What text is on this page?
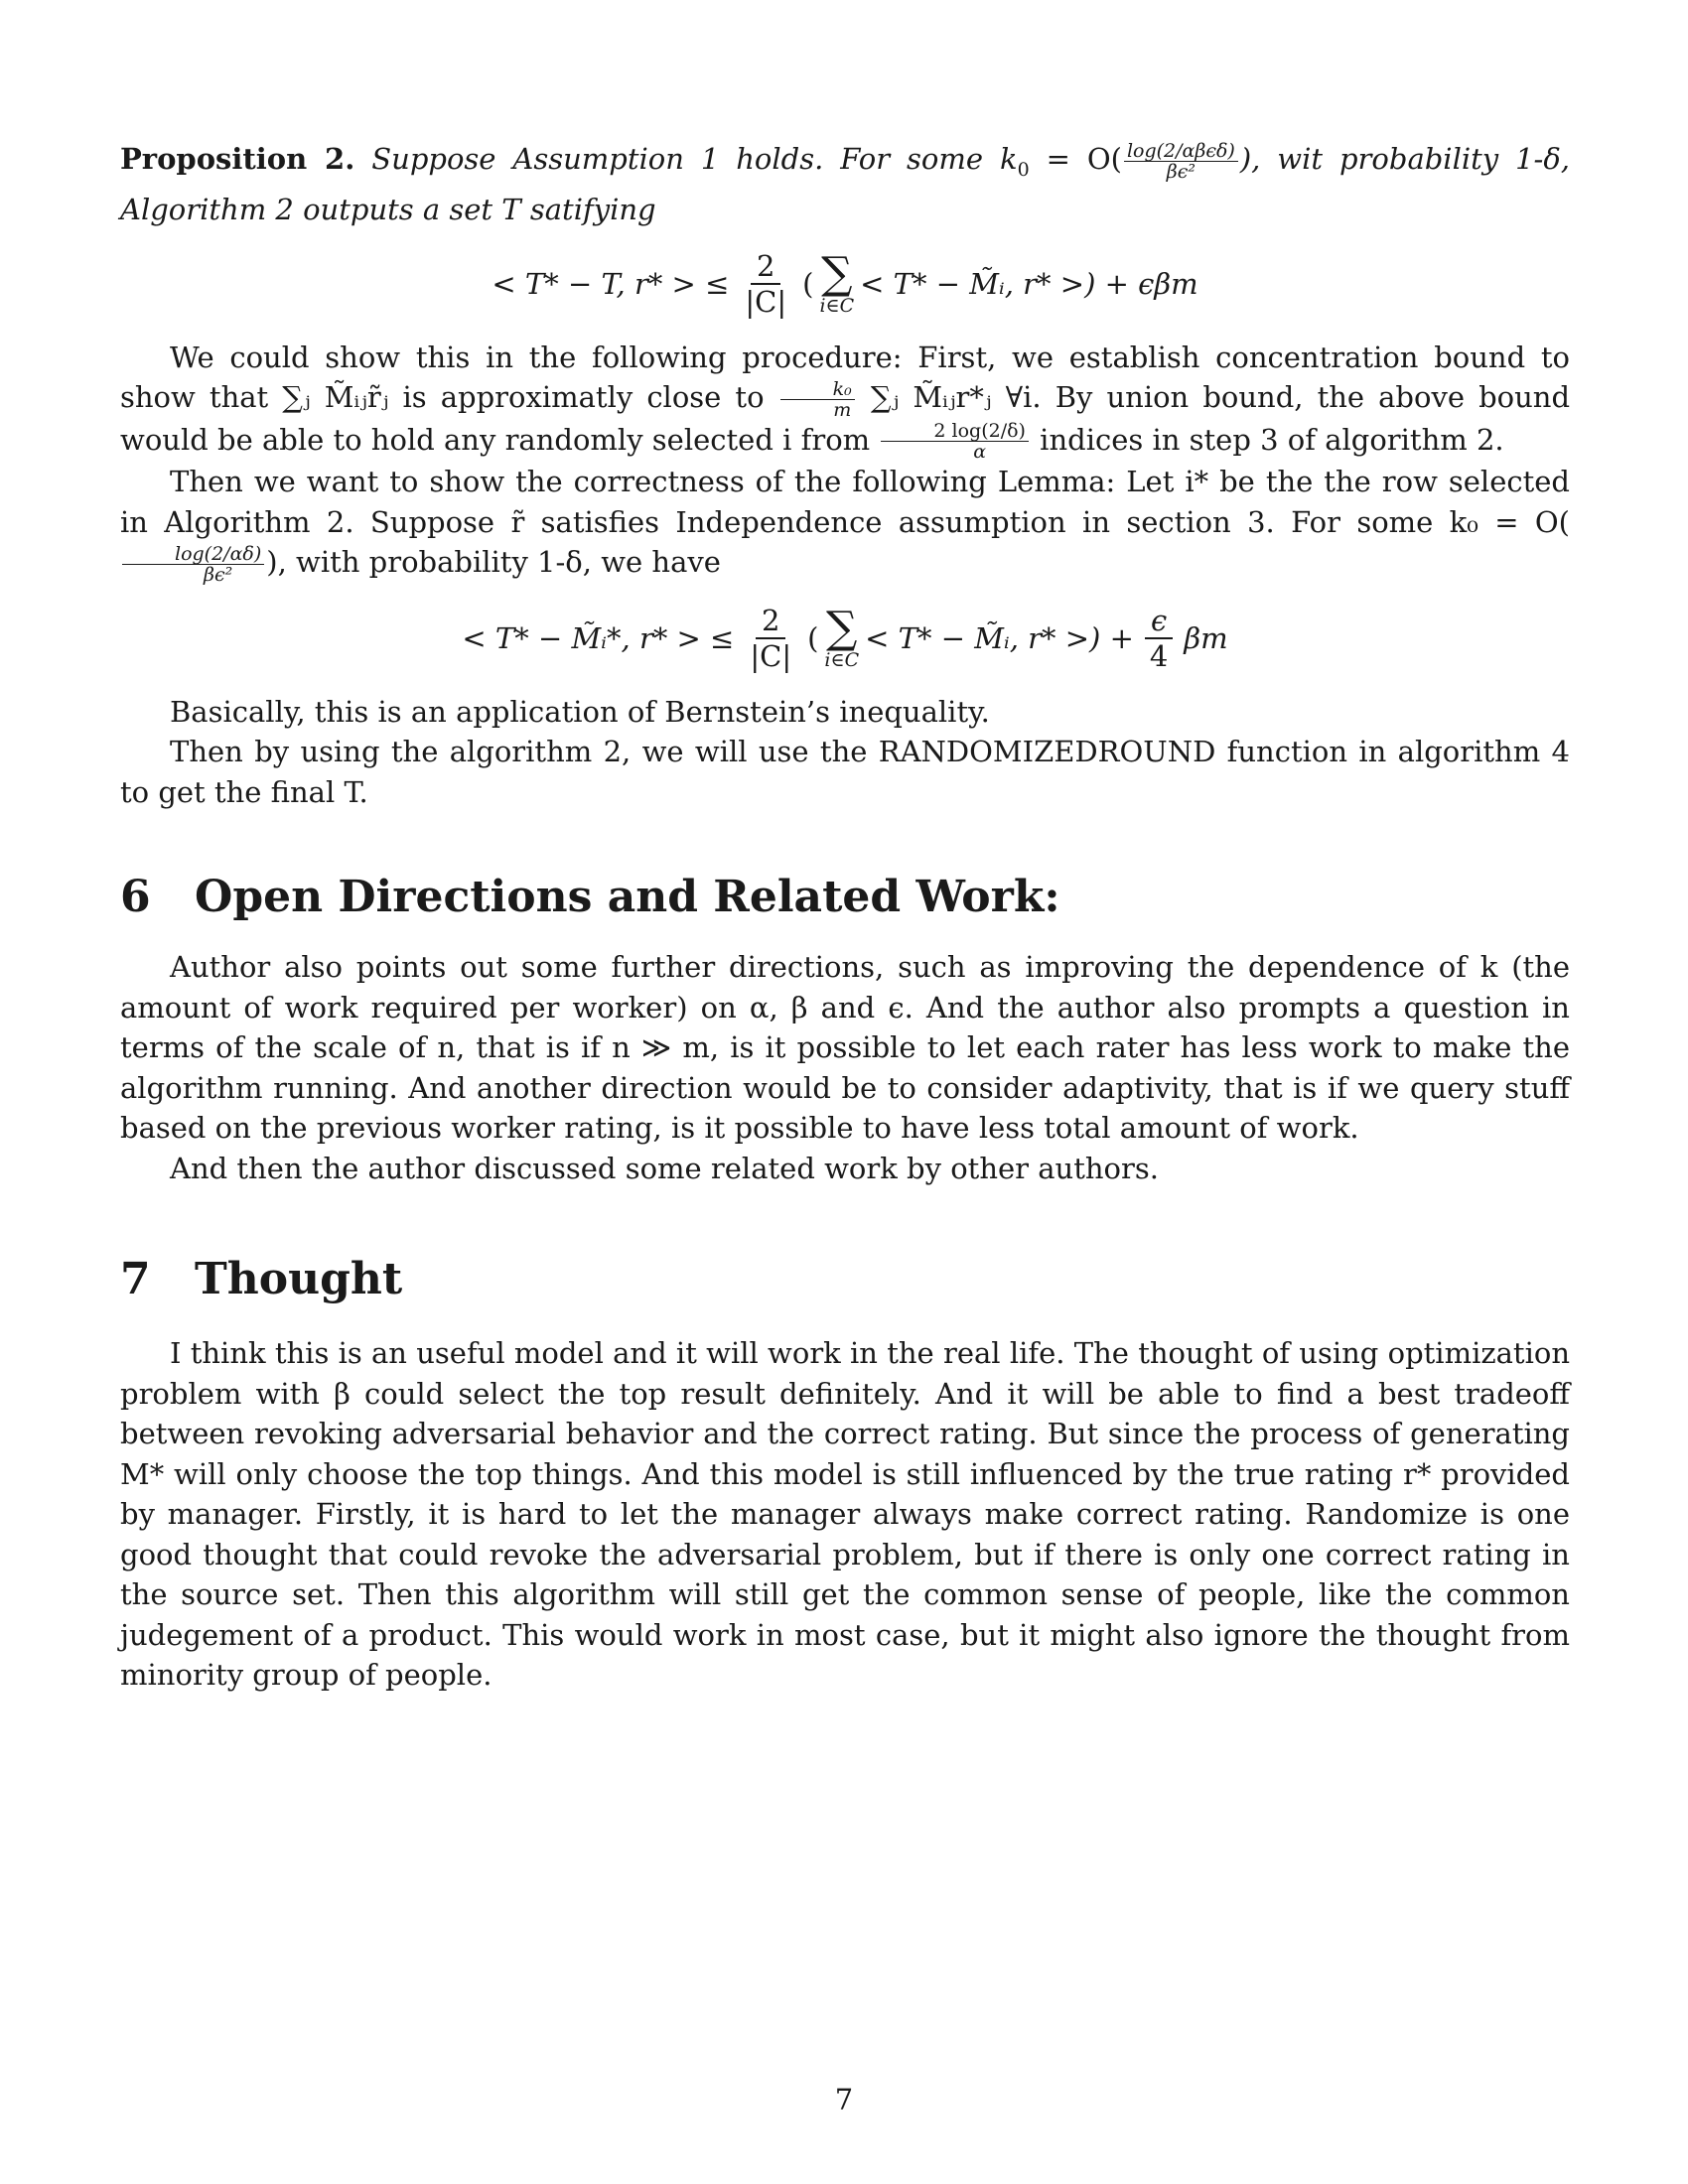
Proposition 2. Suppose Assumption 1 holds. For some $k_0 = O( \frac{\text{log(2/αβϵδ)}}{\text{βϵ²}}$ ), wit probability 1-δ, Algorithm 2 outputs a set T satifying

< T* − T, r* > ≤ $\frac{2}{|C|}$ ( ∑
i∈C
< T* − M̃ᵢ, r* >) + ϵβm

We could show this in the following procedure: First, we establish concentration bound to show that ∑ⱼ M̃ᵢⱼr̃ⱼ is approximatly close to $\frac{\text{k₀}}{m}$ ∑ⱼ M̃ᵢⱼr*ⱼ ∀i. By union bound, the above bound would be able to hold any randomly selected i from $\frac{2 \log(2/\delta)}{\alpha}$ indices in step 3 of algorithm 2.

Then we want to show the correctness of the following Lemma: Let i* be the the row selected in Algorithm 2. Suppose r̃ satisfies Independence assumption in section 3. For some k₀ = O(
$\frac{\log(2/\alpha\delta)}{\text{βϵ²}}$ ), with probability 1-δ, we have

< T* − M̃ᵢ*, r* > ≤ $\frac{2}{|C|}$ ( ∑
i∈C
< T* − M̃ᵢ, r* >) + $\frac{\epsilon}{4}$ βm

Basically, this is an application of Bernstein’s inequality.

Then by using the algorithm 2, we will use the RANDOMIZEDROUND function in algorithm 4 to get the final T.

6 Open Directions and Related Work:

Author also points out some further directions, such as improving the dependence of k (the amount of work required per worker) on α, β and ϵ. And the author also prompts a question in terms of the scale of n, that is if n ≫ m, is it possible to let each rater has less work to make the algorithm running. And another direction would be to consider adaptivity, that is if we query stuff based on the previous worker rating, is it possible to have less total amount of work.

And then the author discussed some related work by other authors.

7 Thought

I think this is an useful model and it will work in the real life. The thought of using optimization problem with β could select the top result definitely. And it will be able to find a best tradeoff between revoking adversarial behavior and the correct rating. But since the process of generating M* will only choose the top things. And this model is still influenced by the true rating r* provided by manager. Firstly, it is hard to let the manager always make correct rating. Randomize is one good thought that could revoke the adversarial problem, but if there is only one correct rating in the source set. Then this algorithm will still get the common sense of people, like the common judegement of a product. This would work in most case, but it might also ignore the thought from minority group of people.

7
